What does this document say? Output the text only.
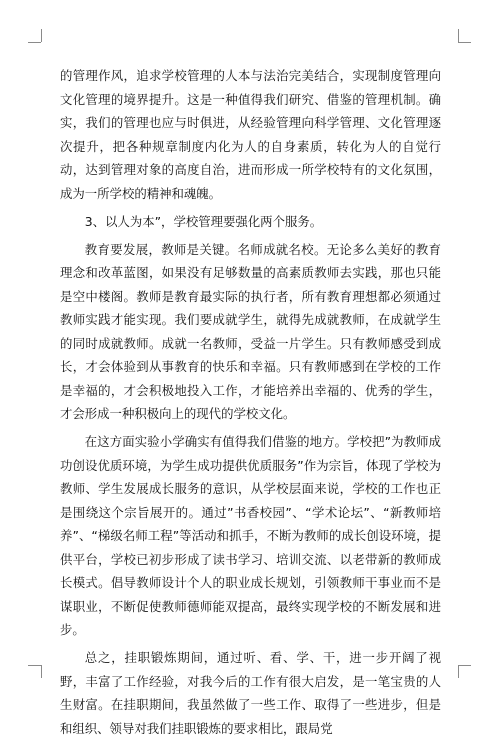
的管理作风，追求学校管理的人本与法治完美结合，实现制度管理向文化管理的境界提升。这是一种值得我们研究、借鉴的管理机制。确实，我们的管理也应与时俱进，从经验管理向科学管理、文化管理逐次提升，把各种规章制度内化为人的自身素质，转化为人的自觉行动，达到管理对象的高度自治，进而形成一所学校特有的文化氛围，成为一所学校的精神和魂魄。

3、以人为本”，学校管理要强化两个服务。

教育要发展，教师是关键。名师成就名校。无论多么美好的教育理念和改革蓝图，如果没有足够数量的高素质教师去实践，那也只能是空中楼阁。教师是教育最实际的执行者，所有教育理想都必须通过教师实践才能实现。我们要成就学生，就得先成就教师，在成就学生的同时成就教师。成就一名教师，受益一片学生。只有教师感受到成长，才会体验到从事教育的快乐和幸福。只有教师感到在学校的工作是幸福的，才会积极地投入工作，才能培养出幸福的、优秀的学生，才会形成一种积极向上的现代的学校文化。

在这方面实验小学确实有值得我们借鉴的地方。学校把”为教师成功创设优质环境，为学生成功提供优质服务”作为宗旨，体现了学校为教师、学生发展成长服务的意识，从学校层面来说，学校的工作也正是围绕这个宗旨展开的。通过”书香校园”、“学术论坛”、“新教师培养”、“梯级名师工程”等活动和抓手，不断为教师的成长创设环境，提供平台，学校已初步形成了读书学习、培训交流、以老带新的教师成长模式。倡导教师设计个人的职业成长规划，引领教师干事业而不是谋职业，不断促使教师德师能双提高，最终实现学校的不断发展和进步。

总之，挂职锻炼期间，通过听、看、学、干，进一步开阔了视野，丰富了工作经验，对我今后的工作有很大启发，是一笔宝贵的人生财富。在挂职期间，我虽然做了一些工作、取得了一些进步，但是和组织、领导对我们挂职锻炼的要求相比，跟局党
